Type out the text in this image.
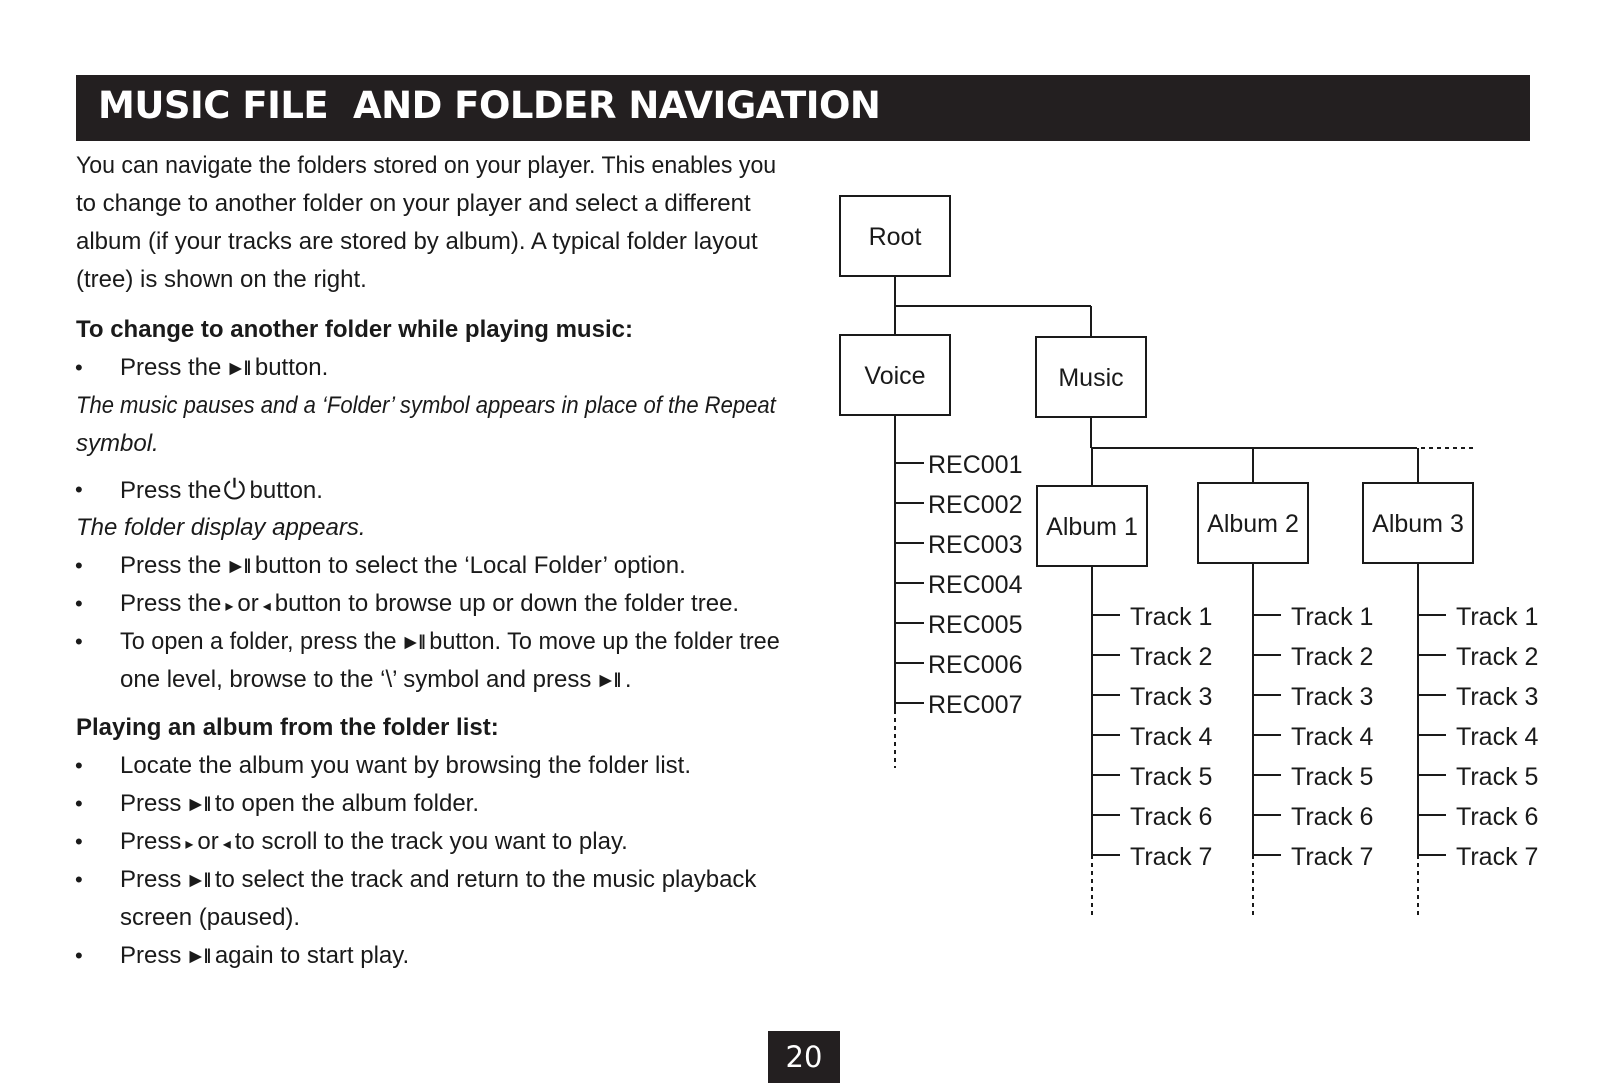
MUSIC FILE  AND FOLDER NAVIGATION
You can navigate the folders stored on your player. This enables you
to change to another folder on your player and select a different
album (if your tracks are stored by album). A typical folder layout
(tree) is shown on the right.
To change to another folder while playing music:
• Press the ►II button.
The music pauses and a ‘Folder’ symbol appears in place of the Repeat
symbol.
• Press the⏻ button.
The folder display appears.
• Press the ►II button to select the ‘Local Folder’ option.
• Press the ▸ or ◂ button to browse up or down the folder tree.
• To open a folder, press the ►II button. To move up the folder tree
one level, browse to the ‘\’ symbol and press ►II .
Playing an album from the folder list:
• Locate the album you want by browsing the folder list.
• Press ►II to open the album folder.
• Press ▸ or ◂ to scroll to the track you want to play.
• Press ►II to select the track and return to the music playback
screen (paused).
• Press ►II again to start play.
Root
Voice	Music
REC001
REC002
REC003
REC004
REC005
REC006
REC007
Album 1
Track 1
Track 2
Track 3
Track 4
Track 5
Track 6
Track 7
Album 2
Track 1
Track 2
Track 3
Track 4
Track 5
Track 6
Track 7
Album 3
Track 1
Track 2
Track 3
Track 4
Track 5
Track 6
Track 7
20
